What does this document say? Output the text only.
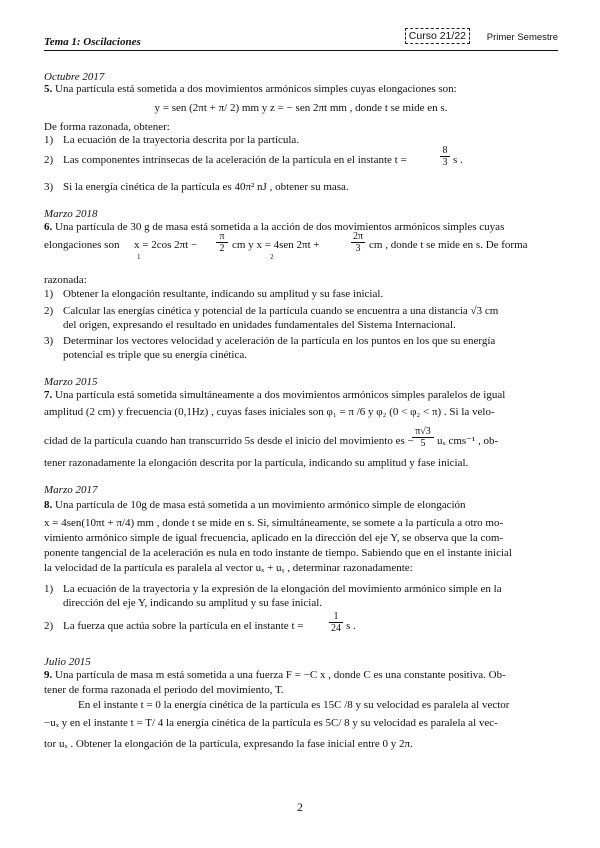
Tema 1: Oscilaciones	Curso 21/22	Primer Semestre
Octubre 2017
5. Una partícula está sometida a dos movimientos armónicos simples cuyas elongaciones son:
y = sen (2πt + π/ 2) mm y z = − sen 2πt mm , donde t se mide en s.
De forma razonada, obtener:
1) La ecuación de la trayectoria descrita por la partícula.
2) Las componentes intrínsecas de la aceleración de la partícula en el instante t =	$\frac{8}{3}$ s .
3) Si la energía cinética de la partícula es 40π² nJ , obtener su masa.
Marzo 2018
6. Una partícula de 30 g de masa está sometida a la acción de dos movimientos armónicos simples cuyas
elongaciones son x = 2cos 2πt −
1
$\frac{\pi}{2}$ cm y x = 4sen 2πt +
2
$\frac{2\pi}{3}$ cm , donde t se mide en s. De forma
razonada:
1) Obtener la elongación resultante, indicando su amplitud y su fase inicial.
2) Calcular las energías cinética y potencial de la partícula cuando se encuentra a una distancia √3 cm
del origen, expresando el resultado en unidades fundamentales del Sistema Internacional.
3) Determinar los vectores velocidad y aceleración de la partícula en los puntos en los que su energía
potencial es triple que su energía cinética.
Marzo 2015
7. Una partícula está sometida simultáneamente a dos movimientos armónicos simples paralelos de igual
amplitud (2 cm) y frecuencia (0,1Hz) , cuyas fases iniciales son φ₁ = π /6 y φ₂ (0 < φ₂ < π) . Si la velo-
cidad de la partícula cuando han transcurrido 5s desde el inicio del movimiento es −
$\frac{\pi√3}{5}$ uₓ cms⁻¹ , ob-
tener razonadamente la elongación descrita por la partícula, indicando su amplitud y fase inicial.
Marzo 2017
8. Una partícula de 10g de masa está sometida a un movimiento armónico simple de elongación
x = 4sen(10πt + π/4) mm , donde t se mide en s. Si, simultáneamente, se somete a la partícula a otro mo-
vimiento armónico simple de igual frecuencia, aplicado en la dirección del eje Y, se observa que la com-
ponente tangencial de la aceleración es nula en todo instante de tiempo. Sabiendo que en el instante inicial
la velocidad de la partícula es paralela al vector uₓ + uᵧ , determinar razonadamente:
1) La ecuación de la trayectoria y la expresión de la elongación del movimiento armónico simple en la
dirección del eje Y, indicando su amplitud y su fase inicial.
2) La fuerza que actúa sobre la partícula en el instante t =	$\frac{1}{24}$ s .
Julio 2015
9. Una partícula de masa m está sometida a una fuerza F = −C x , donde C es una constante positiva. Ob-
tener de forma razonada el periodo del movimiento, T.
En el instante t = 0 la energía cinética de la partícula es 15C /8 y su velocidad es paralela al vector
−uₓ y en el instante t = T/ 4 la energía cinética de la partícula es 5C/ 8 y su velocidad es paralela al vec-
tor uₓ . Obtener la elongación de la partícula, expresando la fase inicial entre 0 y 2π.
2
